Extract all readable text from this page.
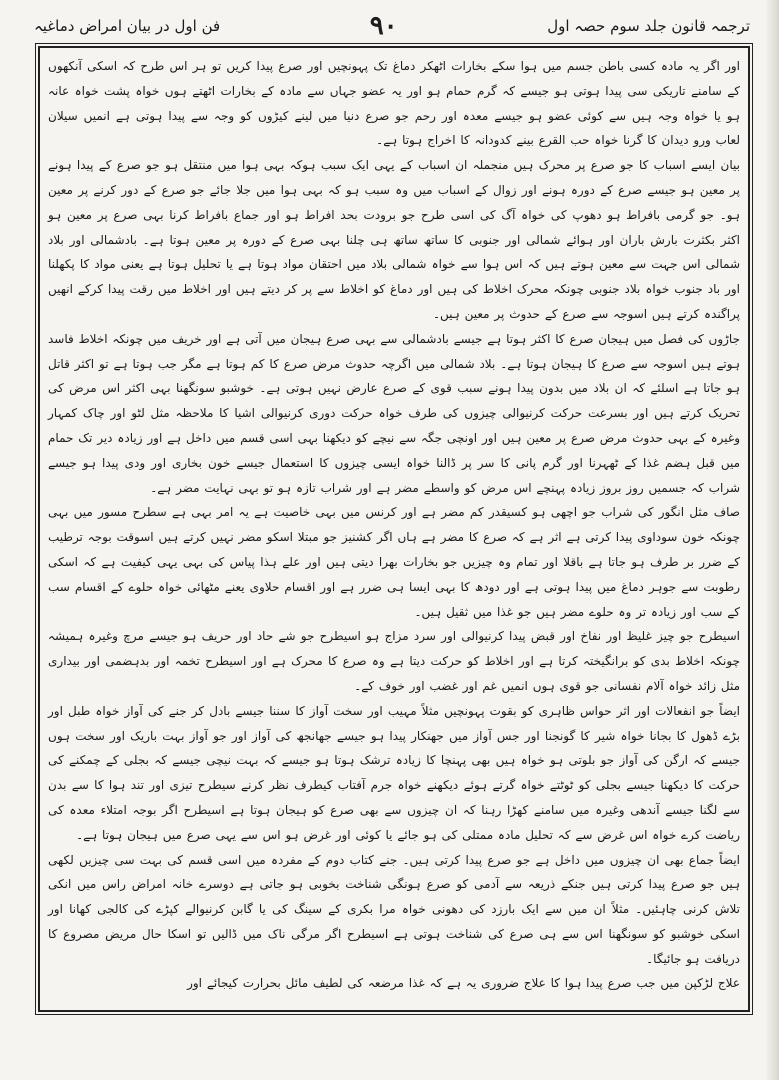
ترجمہ قانون جلد سوم حصہ اول
۹۰
فن اول در بیان امراض دماغیہ

اور اگر یہ مادہ کسی باطن جسم میں ہوا سکے بخارات اٹھکر دماغ تک پہونچیں اور صرع پیدا کریں تو ہر اس طرح کہ اسکی آنکھوں کے سامنے تاریکی سی پیدا ہوتی ہو جیسے کہ گرم حمام ہو اور یہ عضو جہاں سے مادہ کے بخارات اٹھتے ہوں خواہ پشت خواہ عانہ ہو یا خواہ وجہ ہیں سے کوئی عضو ہو جیسے معدہ اور رحم جو صرع دنیا میں لینے کیڑوں کو وجہ سے پیدا ہوتی ہے انمیں سیلان لعاب ورو دیدان کا گرنا خواہ حب القرع بینے کدودانہ کا اخراج ہوتا ہے۔

بیان ایسے اسباب کا جو صرع پر محرک ہیں منجملہ ان اسباب کے یہی ایک سبب ہوکہ بہی ہوا میں منتقل ہو جو صرع کے پیدا ہونے پر معین ہو جیسے صرع کے دورہ ہونے اور زوال کے اسباب میں وہ سبب ہو کہ بہی ہوا میں جلا جائے جو صرع کے دور کرنے پر معین ہو۔ جو گرمی بافراط ہو دھوپ کی خواہ آگ کی اسی طرح جو برودت بحد افراط ہو اور جماع بافراط کرنا بہی صرع پر معین ہو اکثر بکثرت بارش باران اور ہوائے شمالی اور جنوبی کا ساتھ ساتھ ہی چلنا بہی صرع کے دورہ پر معین ہوتا ہے۔ بادشمالی اور بلاد شمالی اس جہت سے معین ہوتے ہیں کہ اس ہوا سے خواہ شمالی بلاد میں احتقان مواد ہوتا ہے یا تحلیل ہوتا ہے یعنی مواد کا پکھلنا اور باد جنوب خواہ بلاد جنوبی چونکہ محرک اخلاط کی ہیں اور دماغ کو اخلاط سے پر کر دیتے ہیں اور اخلاط میں رقت پیدا کرکے انھیں پراگندہ کرتے ہیں اسوجہ سے صرع کے حدوث پر معین ہیں۔

جاڑوں کی فصل میں ہیجان صرع کا اکثر ہوتا ہے جیسے بادشمالی سے بہی صرع ہیجان میں آتی ہے اور خریف میں چونکہ اخلاط فاسد ہوتے ہیں اسوجہ سے صرع کا ہیجان ہوتا ہے۔ بلاد شمالی میں اگرچہ حدوث مرض صرع کا کم ہوتا ہے مگر جب ہوتا ہے تو اکثر قاتل ہو جاتا ہے اسلئے کہ ان بلاد میں بدون پیدا ہونے سبب قوی کے صرع عارض نہیں ہوتی ہے۔ خوشبو سونگھنا بہی اکثر اس مرض کی تحریک کرتے ہیں اور بسرعت حرکت کرنیوالی چیزوں کی طرف خواہ حرکت دوری کرنیوالی اشیا کا ملاحظہ مثل لٹو اور چاک کمہار وغیرہ کے بہی حدوث مرض صرع پر معین ہیں اور اونچی جگہ سے نیچے کو دیکھنا بہی اسی قسم میں داخل ہے اور زیادہ دیر تک حمام میں قبل ہضم غذا کے ٹھہرنا اور گرم پانی کا سر پر ڈالنا خواہ ایسی چیزوں کا استعمال جیسے خون بخاری اور ودی پیدا ہو جیسے شراب کہ جسمیں روز بروز زیادہ پہنچے اس مرض کو واسطے مضر ہے اور شراب تازہ ہو تو بہی نہایت مضر ہے۔

صاف مثل انگور کی شراب جو اچھی ہو کسیقدر کم مضر ہے اور کرنس میں بہی خاصیت ہے یہ امر بہی ہے سطرح مسور میں بہی چونکہ خون سوداوی پیدا کرتی ہے اثر ہے کہ صرع کا مضر ہے ہاں اگر کشنیز جو مبتلا اسکو مضر نہیں کرتے ہیں اسوقت بوجہ ترطیب کے ضرر بر طرف ہو جاتا ہے باقلا اور تمام وہ چیزیں جو بخارات بھرا دیتی ہیں اور علے ہذا پیاس کی بہی یہی کیفیت ہے کہ اسکی رطوبت سے جوہر دماغ میں پیدا ہوتی ہے اور دودھ کا بہی ایسا ہی ضرر ہے اور اقسام حلاوی یعنے مٹھائی خواہ حلوے کے اقسام سب کے سب اور زیادہ تر وہ حلوے مضر ہیں جو غذا میں ثقیل ہیں۔

اسیطرح جو چیز غلیظ اور نفاخ اور قبض پیدا کرنیوالی اور سرد مزاج ہو اسیطرح جو شے حاد اور حریف ہو جیسے مرچ وغیرہ ہمیشہ چونکہ اخلاط بدی کو برانگیختہ کرتا ہے اور اخلاط کو حرکت دیتا ہے وہ صرع کا محرک ہے اور اسیطرح تخمہ اور بدہضمی اور بیداری مثل زائد خواہ آلام نفسانی جو قوی ہوں انمیں غم اور غضب اور خوف کے۔

ایضاً جو انفعالات اور اثر حواس ظاہری کو بقوت پہونچیں مثلاً مہیب اور سخت آواز کا سننا جیسے بادل کر جنے کی آواز خواہ طبل اور بڑے ڈھول کا بجانا خواہ شیر کا گونجنا اور جس آواز میں جھنکار پیدا ہو جیسے جھانجھ کی آواز اور جو آواز بہت باریک اور سخت ہوں جیسے کہ ارگن کی آواز جو بلوتی ہو خواہ ہیں بھی پہنچا کا زیادہ ترشک ہوتا ہو جیسے کہ بہت نیچی جیسے کہ بجلی کے چمکنے کی حرکت کا دیکھنا جیسے بجلی کو ٹوٹتے خواہ گرتے ہوئے دیکھنے خواہ جرم آفتاب کیطرف نظر کرنے سیطرح تیزی اور تند ہوا کا سے بدن سے لگنا جیسے آندھی وغیرہ میں سامنے کھڑا رہنا کہ ان چیزوں سے بھی صرع کو ہیجان ہوتا ہے اسیطرح اگر بوجہ امتلاء معدہ کی ریاضت کرے خواہ اس غرض سے کہ تحلیل مادہ ممتلی کی ہو جائے یا کوئی اور غرض ہو اس سے یہی صرع میں ہیجان ہوتا ہے۔

ایضاً جماع بھی ان چیزوں میں داخل ہے جو صرع پیدا کرتی ہیں۔ جنے کتاب دوم کے مفردہ میں اسی قسم کی بہت سی چیزیں لکھی ہیں جو صرع پیدا کرتی ہیں جنکے ذریعہ سے آدمی کو صرع ہونگی شناخت بخوبی ہو جاتی ہے دوسرے خانہ امراض راس میں انکی تلاش کرنی چاہئیں۔ مثلاً ان میں سے ایک بارزد کی دھونی خواہ مرا بکری کے سینگ کی یا گابن کرنیوالے کپڑے کی کالجی کھانا اور اسکی خوشبو کو سونگھنا اس سے ہی صرع کی شناخت ہوتی ہے اسیطرح اگر مرگی ناک میں ڈالیں تو اسکا حال مریض مصروع کا دریافت ہو جائیگا۔

علاج لڑکپن میں جب صرع پیدا ہوا کا علاج ضروری یہ ہے کہ غذا مرضعہ کی لطیف مائل بحرارت کیجائے اور
